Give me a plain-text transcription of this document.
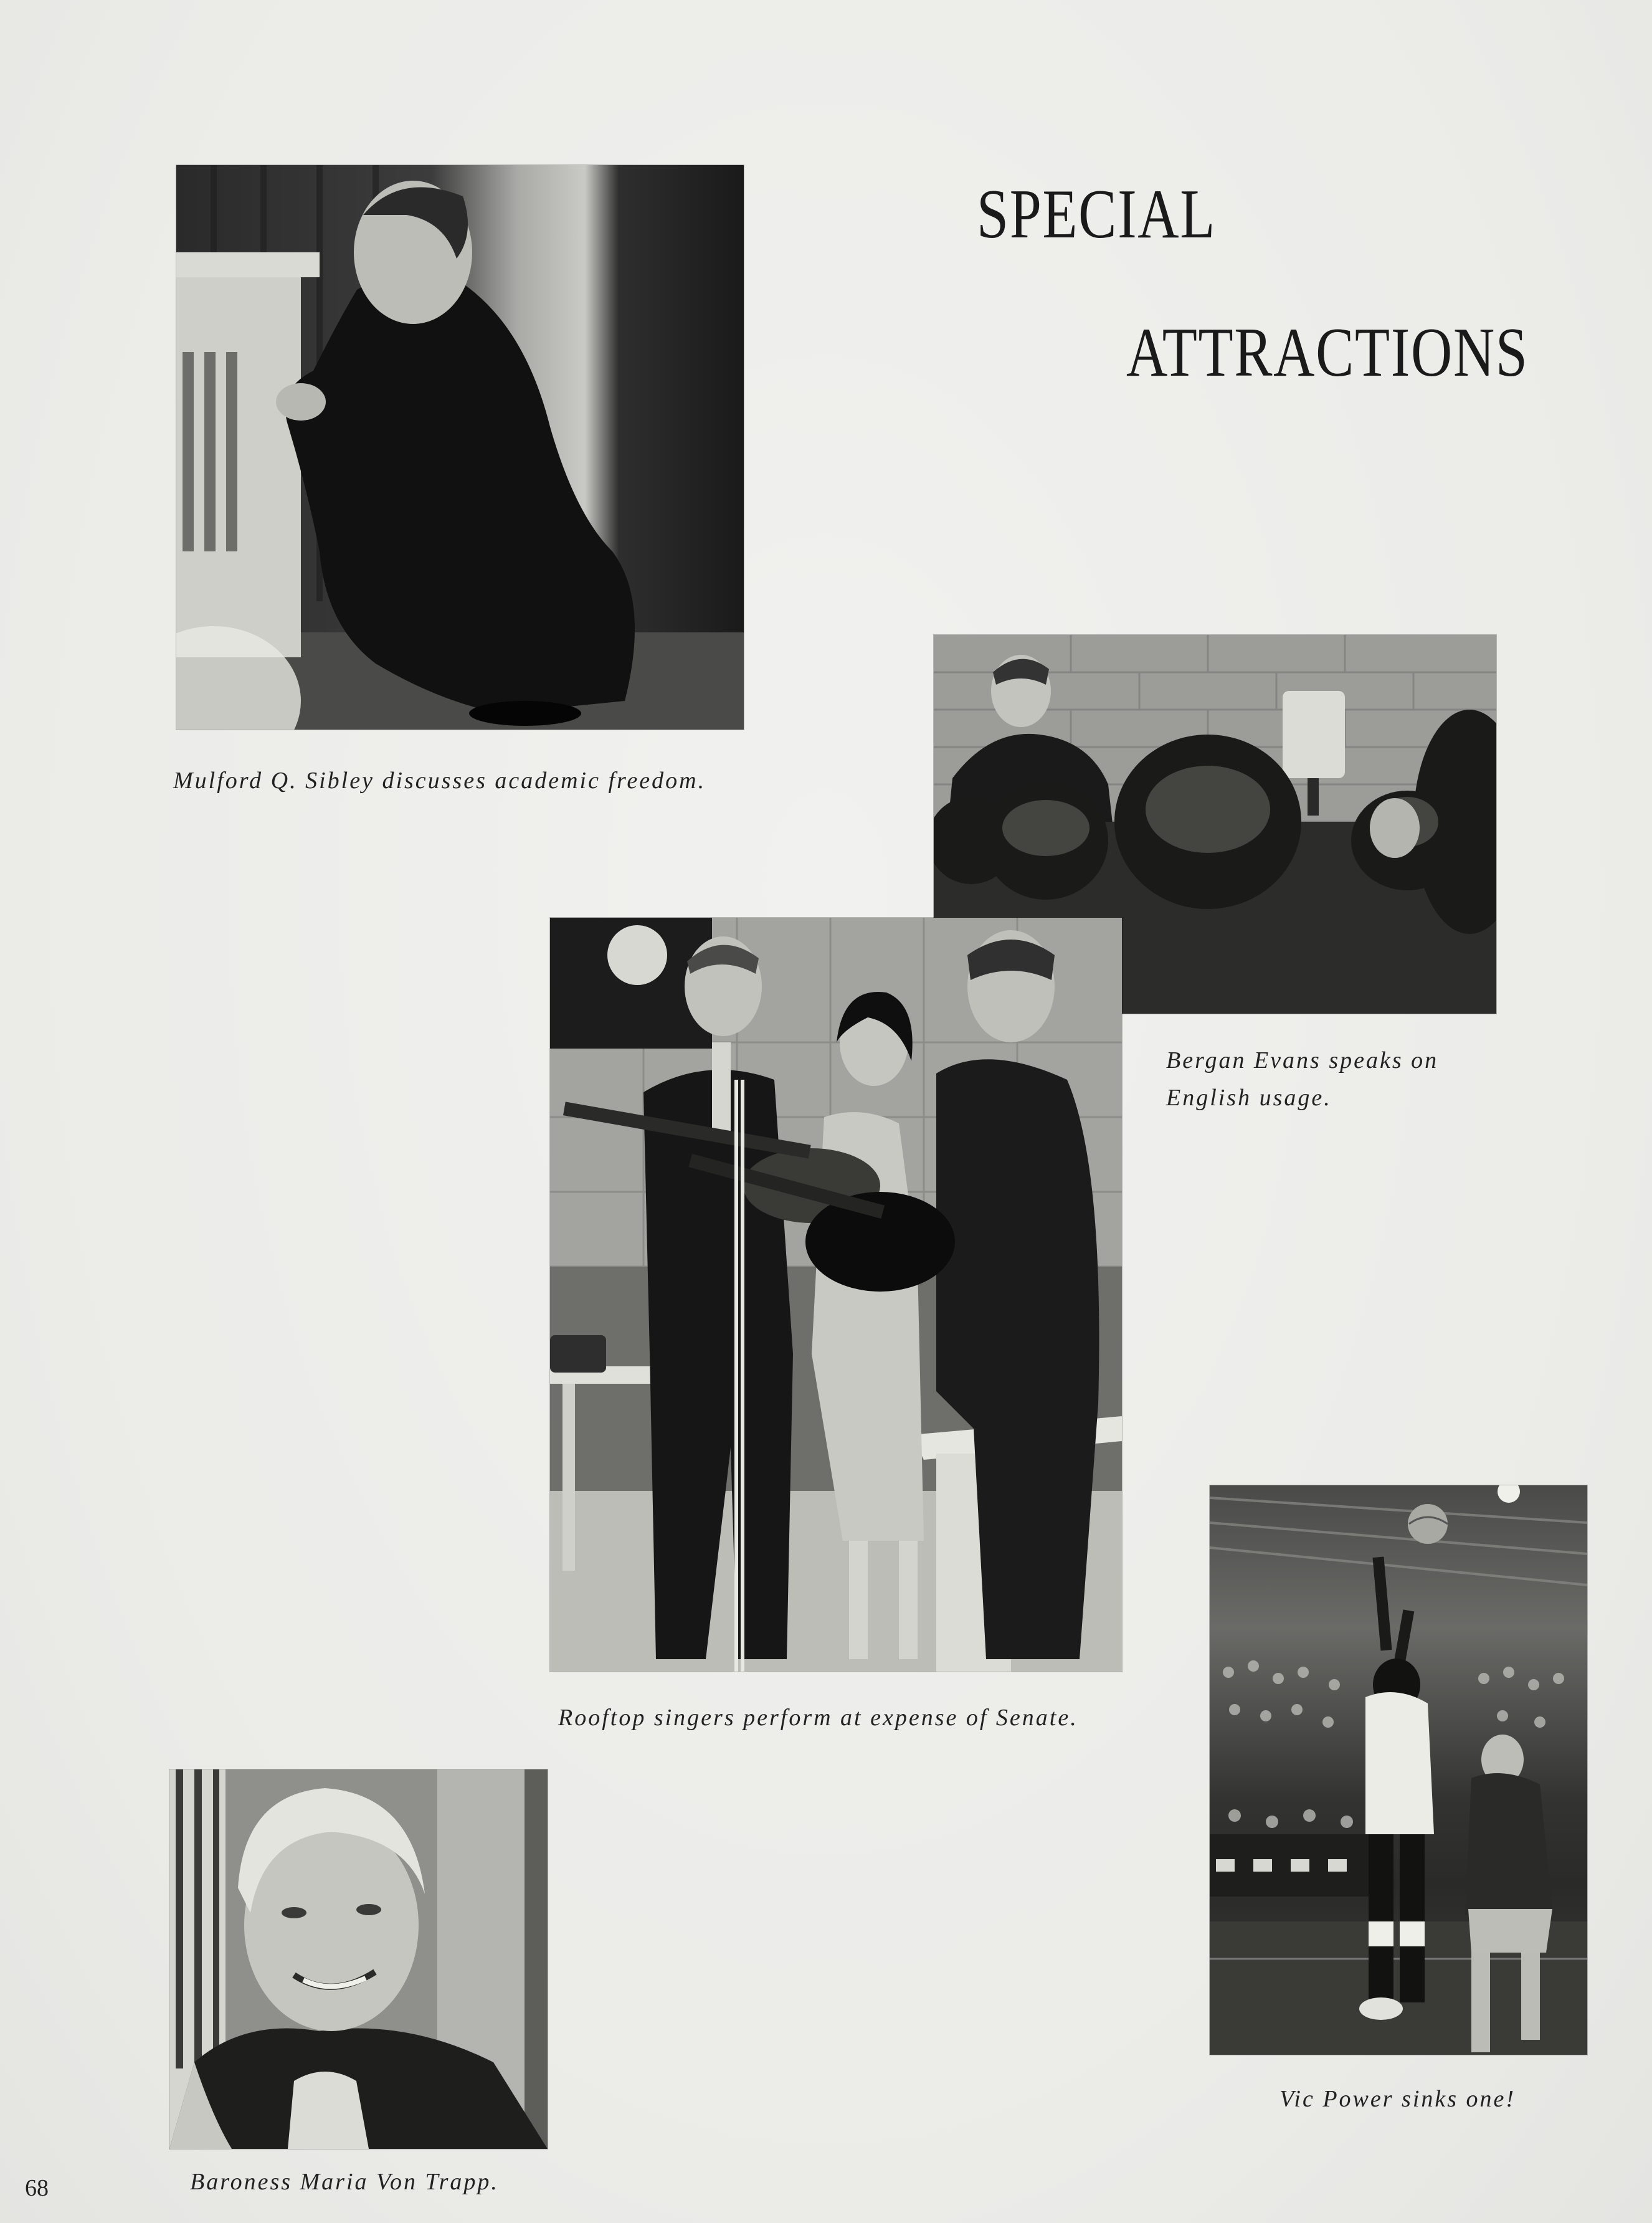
SPECIAL
ATTRACTIONS
Mulford Q. Sibley discusses academic freedom.
Bergan Evans speaks on
English usage.
Rooftop singers perform at expense of Senate.
Vic Power sinks one!
Baroness Maria Von Trapp.
68
